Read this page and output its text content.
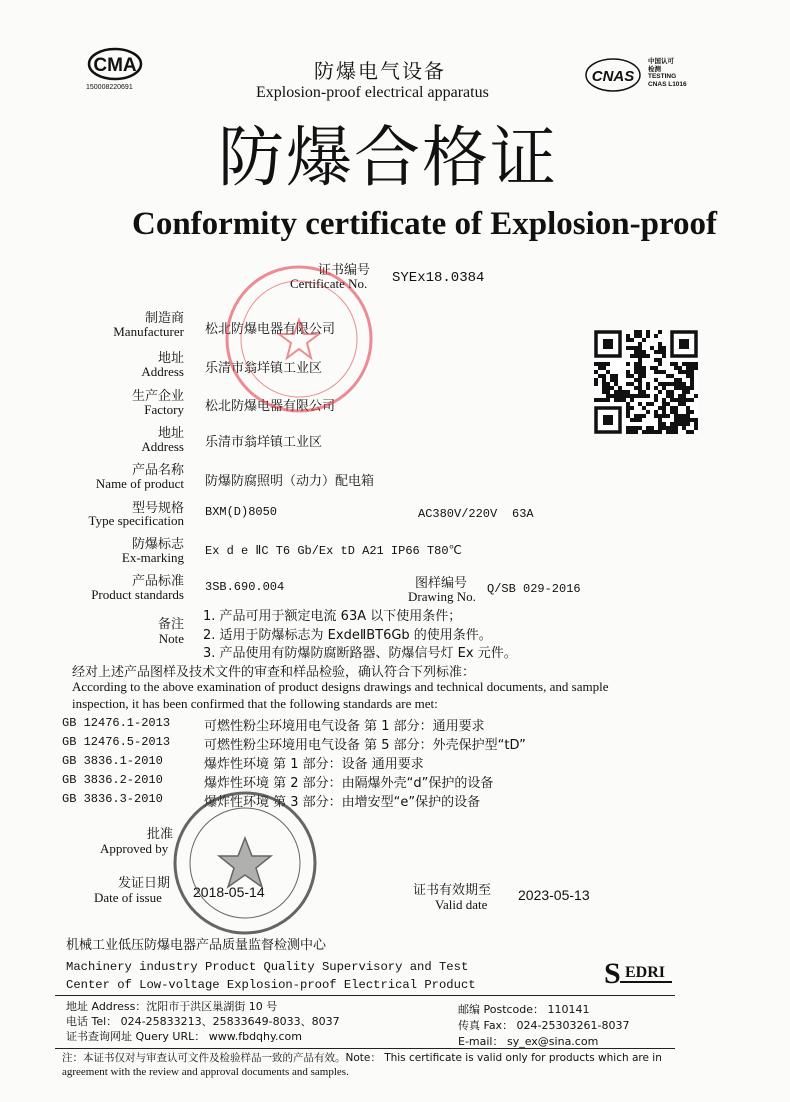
CMA
150008220691
防爆电气设备
Explosion-proof electrical apparatus
CNAS
中国认可
检测
TESTING
CNAS L1016
防爆合格证
Conformity certificate of Explosion-proof
证书编号
Certificate No. SYEx18.0384
制造商
Manufacturer 松北防爆电器有限公司
地址
Address 乐清市翁垟镇工业区
生产企业
Factory 松北防爆电器有限公司
地址
Address 乐清市翁垟镇工业区
产品名称
Name of product 防爆防腐照明（动力）配电箱
型号规格
Type specification
BXM(D)8050	AC380V/220V 63A
防爆标志
Ex-marking Ex d e ⅡC T6 Gb/Ex tD A21 IP66 T80℃
产品标准
Product standards 3SB.690.004	图样编号
Drawing No. Q/SB 029-2016
备注
Note
1. 产品可用于额定电流 63A 以下使用条件；
2. 适用于防爆标志为 ExdeⅡBT6Gb 的使用条件。
3. 产品使用有防爆防腐断路器、防爆信号灯 Ex 元件。
经对上述产品图样及技术文件的审查和样品检验，确认符合下列标准：
According to the above examination of product designs drawings and technical documents, and sample
inspection, it has been confirmed that the following standards are met:
GB 12476.1-2013	可燃性粉尘环境用电气设备 第 1 部分：通用要求
GB 12476.5-2013	可燃性粉尘环境用电气设备 第 5 部分：外壳保护型“tD”
GB 3836.1-2010	爆炸性环境 第 1 部分：设备 通用要求
GB 3836.2-2010	爆炸性环境 第 2 部分：由隔爆外壳“d”保护的设备
GB 3836.3-2010	爆炸性环境 第 3 部分：由增安型“e”保护的设备
批准
Approved by
发证日期
Date of issue 2018-05-14	证书有效期至
Valid date
2023-05-13
机械工业低压防爆电器产品质量监督检测中心
Machinery industry Product Quality Supervisory and Test
Center of Low-voltage Explosion-proof Electrical Product	S EDRI
地址 Address：沈阳市于洪区巢湖街 10 号
电话 Tel： 024-25833213、25833649-8033、8037
证书查询网址 Query URL： www.fbdqhy.com
邮编 Postcode： 110141
传真 Fax： 024-25303261-8037
E-mail： sy_ex@sina.com
注：本证书仅对与审查认可文件及检验样品一致的产品有效。Note： This certificate is valid only for products which are in
agreement with the review and approval documents and samples.
